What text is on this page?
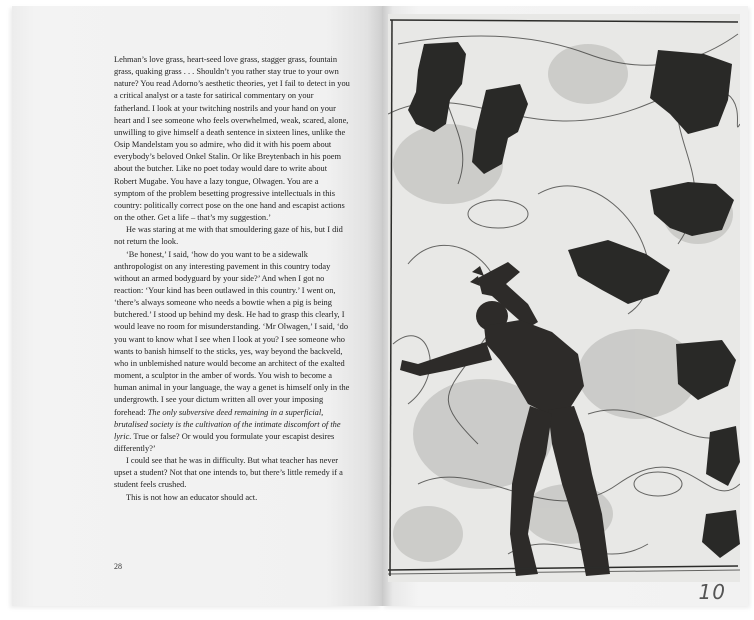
Lehman’s love grass, heart-seed love grass, stagger grass, fountain grass, quaking grass . . . Shouldn’t you rather stay true to your own nature? You read Adorno’s aesthetic theories, yet I fail to detect in you a critical analyst or a taste for satirical commentary on your fatherland. I look at your twitching nostrils and your hand on your heart and I see someone who feels overwhelmed, weak, scared, alone, unwilling to give himself a death sentence in sixteen lines, unlike the Osip Mandelstam you so admire, who did it with his poem about everybody’s beloved Onkel Stalin. Or like Breytenbach in his poem about the butcher. Like no poet today would dare to write about Robert Mugabe. You have a lazy tongue, Olwagen. You are a symptom of the problem besetting progressive intellectuals in this country: politically correct pose on the one hand and escapist actions on the other. Get a life – that’s my suggestion.’

He was staring at me with that smouldering gaze of his, but I did not return the look.

‘Be honest,’ I said, ‘how do you want to be a sidewalk anthropologist on any interesting pavement in this country today without an armed bodyguard by your side?’ And when I got no reaction: ‘Your kind has been outlawed in this country.’ I went on, ‘there’s always someone who needs a bowtie when a pig is being butchered.’ I stood up behind my desk. He had to grasp this clearly, I would leave no room for misunderstanding. ‘Mr Olwagen,’ I said, ‘do you want to know what I see when I look at you? I see someone who wants to banish himself to the sticks, yes, way beyond the backveld, who in unblemished nature would become an architect of the exalted moment, a sculptor in the amber of words. You wish to become a human animal in your language, the way a genet is himself only in the undergrowth. I see your dictum written all over your imposing forehead: The only subversive deed remaining in a superficial, brutalised society is the cultivation of the intimate discomfort of the lyric. True or false? Or would you formulate your escapist desires differently?’

I could see that he was in difficulty. But what teacher has never upset a student? Not that one intends to, but there’s little remedy if a student feels crushed.

This is not how an educator should act.

28
10
